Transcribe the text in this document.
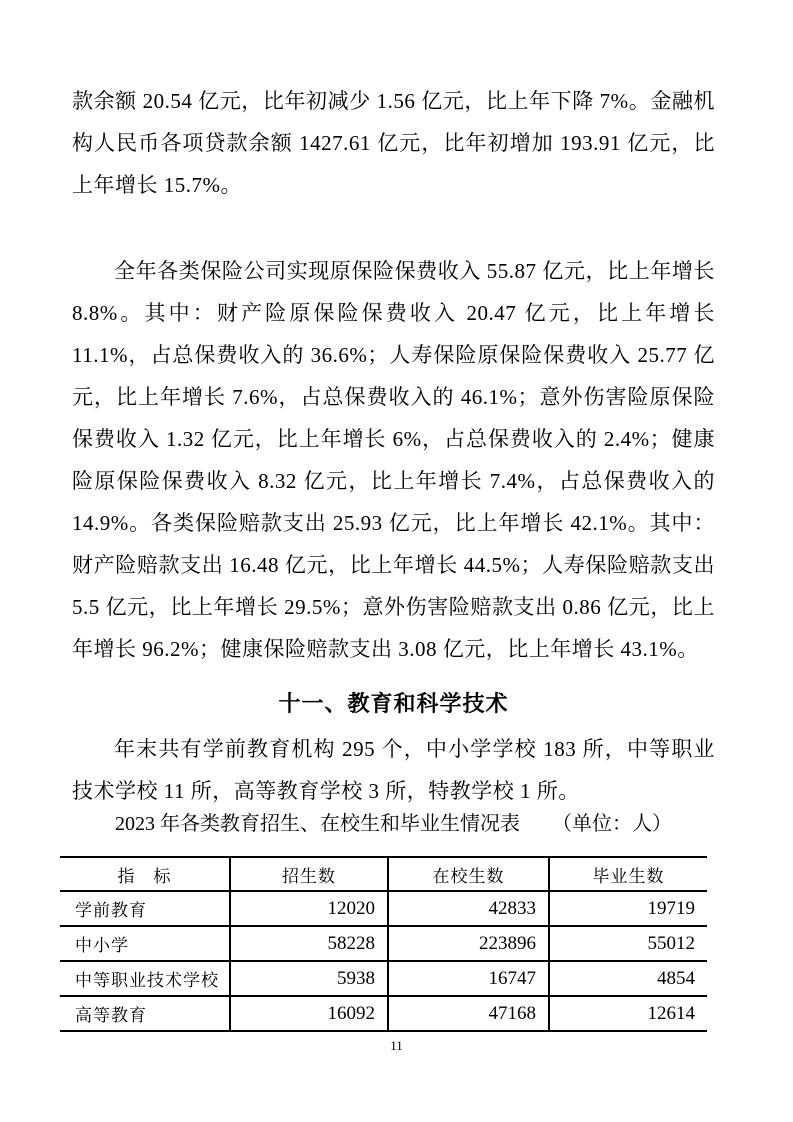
款余额 20.54 亿元，比年初减少 1.56 亿元，比上年下降 7%。金融机构人民币各项贷款余额 1427.61 亿元，比年初增加 193.91 亿元，比上年增长 15.7%。

全年各类保险公司实现原保险保费收入 55.87 亿元，比上年增长 8.8%。其中：财产险原保险保费收入 20.47 亿元，比上年增长 11.1%，占总保费收入的 36.6%；人寿保险原保险保费收入 25.77 亿元，比上年增长 7.6%，占总保费收入的 46.1%；意外伤害险原保险保费收入 1.32 亿元，比上年增长 6%，占总保费收入的 2.4%；健康险原保险保费收入 8.32 亿元，比上年增长 7.4%，占总保费收入的 14.9%。各类保险赔款支出 25.93 亿元，比上年增长 42.1%。其中：财产险赔款支出 16.48 亿元，比上年增长 44.5%；人寿保险赔款支出 5.5 亿元，比上年增长 29.5%；意外伤害险赔款支出 0.86 亿元，比上年增长 96.2%；健康保险赔款支出 3.08 亿元，比上年增长 43.1%。

十一、教育和科学技术

年末共有学前教育机构 295 个，中小学学校 183 所，中等职业技术学校 11 所，高等教育学校 3 所，特教学校 1 所。

2023 年各类教育招生、在校生和毕业生情况表 （单位：人）

指　标	招生数	在校生数	毕业生数
学前教育	12020	42833	19719
中小学	58228	223896	55012
中等职业技术学校	5938	16747	4854
高等教育	16092	47168	12614
11
